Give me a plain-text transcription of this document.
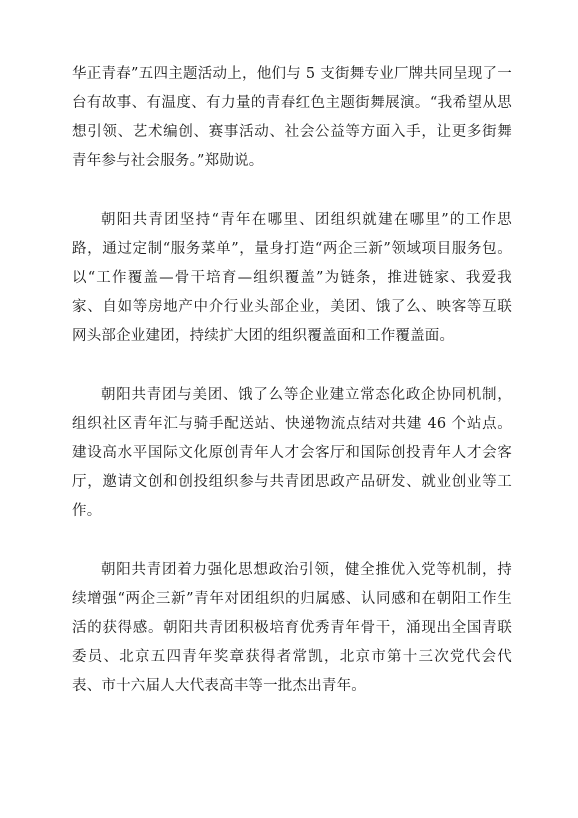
华正青春”五四主题活动上，他们与 5 支街舞专业厂牌共同呈现了一台有故事、有温度、有力量的青春红色主题街舞展演。“我希望从思想引领、艺术编创、赛事活动、社会公益等方面入手，让更多街舞青年参与社会服务。”郑勋说。

朝阳共青团坚持“青年在哪里、团组织就建在哪里”的工作思路，通过定制“服务菜单”，量身打造“两企三新”领域项目服务包。以“工作覆盖—骨干培育—组织覆盖”为链条，推进链家、我爱我家、自如等房地产中介行业头部企业，美团、饿了么、映客等互联网头部企业建团，持续扩大团的组织覆盖面和工作覆盖面。

朝阳共青团与美团、饿了么等企业建立常态化政企协同机制，组织社区青年汇与骑手配送站、快递物流点结对共建 46 个站点。建设高水平国际文化原创青年人才会客厅和国际创投青年人才会客厅，邀请文创和创投组织参与共青团思政产品研发、就业创业等工作。

朝阳共青团着力强化思想政治引领，健全推优入党等机制，持续增强“两企三新”青年对团组织的归属感、认同感和在朝阳工作生活的获得感。朝阳共青团积极培育优秀青年骨干，涌现出全国青联委员、北京五四青年奖章获得者常凯，北京市第十三次党代会代表、市十六届人大代表高丰等一批杰出青年。
